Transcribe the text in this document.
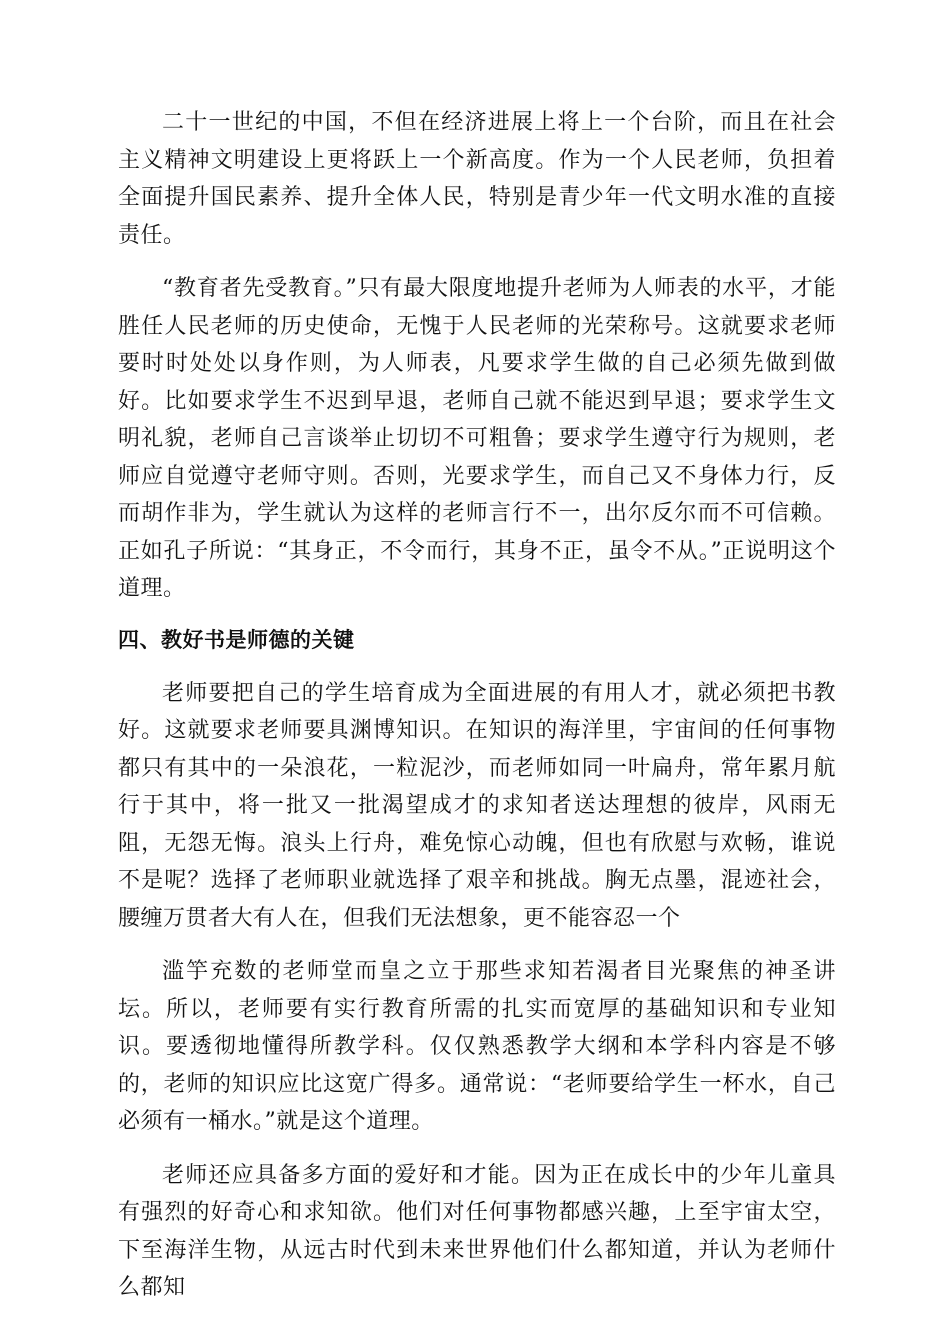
二十一世纪的中国，不但在经济进展上将上一个台阶，而且在社会主义精神文明建设上更将跃上一个新高度。作为一个人民老师，负担着全面提升国民素养、提升全体人民，特别是青少年一代文明水准的直接责任。

“教育者先受教育。”只有最大限度地提升老师为人师表的水平，才能胜任人民老师的历史使命，无愧于人民老师的光荣称号。这就要求老师要时时处处以身作则，为人师表，凡要求学生做的自己必须先做到做好。比如要求学生不迟到早退，老师自己就不能迟到早退；要求学生文明礼貌，老师自己言谈举止切切不可粗鲁；要求学生遵守行为规则，老师应自觉遵守老师守则。否则，光要求学生，而自己又不身体力行，反而胡作非为，学生就认为这样的老师言行不一，出尔反尔而不可信赖。正如孔子所说：“其身正，不令而行，其身不正，虽令不从。”正说明这个道理。

四、教好书是师德的关键

老师要把自己的学生培育成为全面进展的有用人才，就必须把书教好。这就要求老师要具渊博知识。在知识的海洋里，宇宙间的任何事物都只有其中的一朵浪花，一粒泥沙，而老师如同一叶扁舟，常年累月航行于其中，将一批又一批渴望成才的求知者送达理想的彼岸，风雨无阻，无怨无悔。浪头上行舟，难免惊心动魄，但也有欣慰与欢畅，谁说不是呢？选择了老师职业就选择了艰辛和挑战。胸无点墨，混迹社会，腰缠万贯者大有人在，但我们无法想象，更不能容忍一个

滥竽充数的老师堂而皇之立于那些求知若渴者目光聚焦的神圣讲坛。所以，老师要有实行教育所需的扎实而宽厚的基础知识和专业知识。要透彻地懂得所教学科。仅仅熟悉教学大纲和本学科内容是不够的，老师的知识应比这宽广得多。通常说：“老师要给学生一杯水，自己必须有一桶水。”就是这个道理。

老师还应具备多方面的爱好和才能。因为正在成长中的少年儿童具有强烈的好奇心和求知欲。他们对任何事物都感兴趣，上至宇宙太空，下至海洋生物，从远古时代到未来世界他们什么都知道，并认为老师什么都知
